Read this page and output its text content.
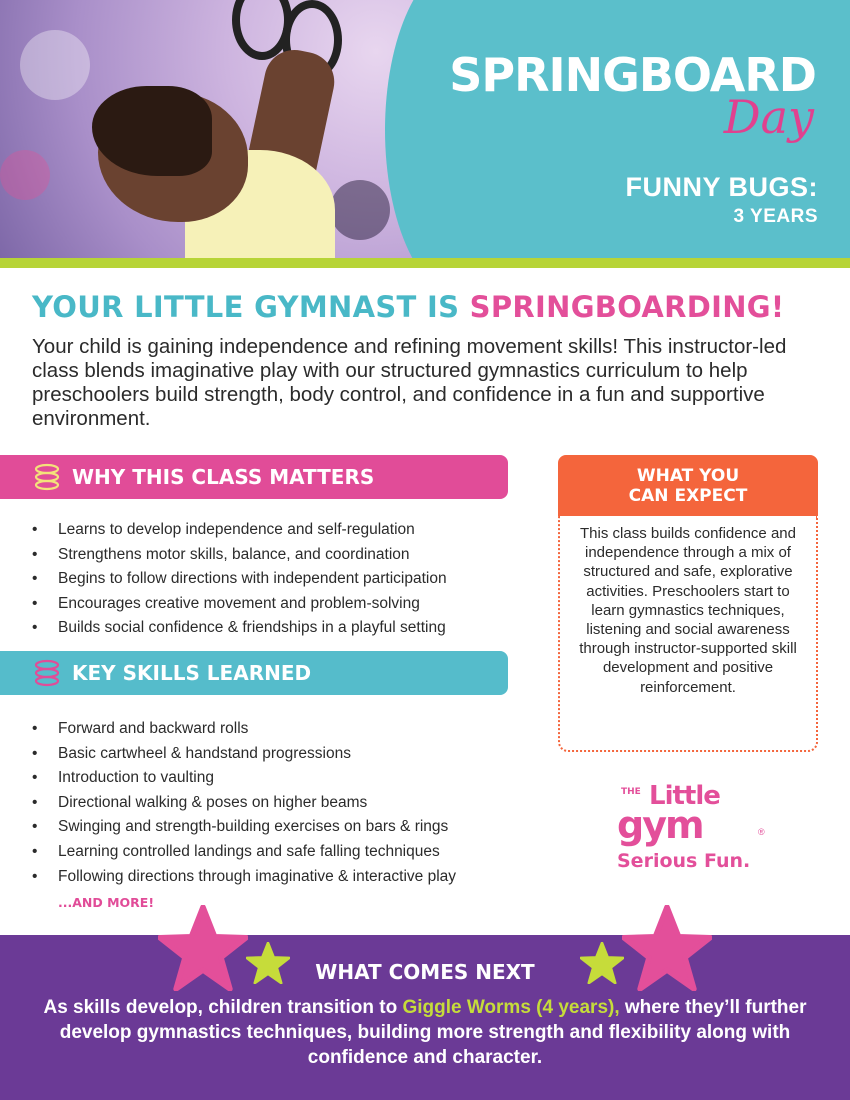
SPRINGBOARD
Day
FUNNY BUGS:
3 YEARS
YOUR LITTLE GYMNAST IS SPRINGBOARDING!

Your child is gaining independence and refining movement skills! This instructor-led class blends imaginative play with our structured gymnastics curriculum to help preschoolers build strength, body control, and confidence in a fun and supportive environment.

WHY THIS CLASS MATTERS
• Learns to develop independence and self-regulation
• Strengthens motor skills, balance, and coordination
• Begins to follow directions with independent participation
• Encourages creative movement and problem-solving
• Builds social confidence & friendships in a playful setting
KEY SKILLS LEARNED
• Forward and backward rolls
• Basic cartwheel & handstand progressions
• Introduction to vaulting
• Directional walking & poses on higher beams
• Swinging and strength-building exercises on bars & rings
• Learning controlled landings and safe falling techniques
• Following directions through imaginative & interactive play
...AND MORE!
WHAT YOU
CAN EXPECT
This class builds confidence and independence through a mix of structured and safe, explorative activities. Preschoolers start to learn gymnastics techniques, listening and social awareness through instructor-supported skill development and positive reinforcement.
THE Little
gym	®
Serious Fun.
WHAT COMES NEXT

As skills develop, children transition to Giggle Worms (4 years), where they’ll further develop gymnastics techniques, building more strength and flexibility along with confidence and character.
